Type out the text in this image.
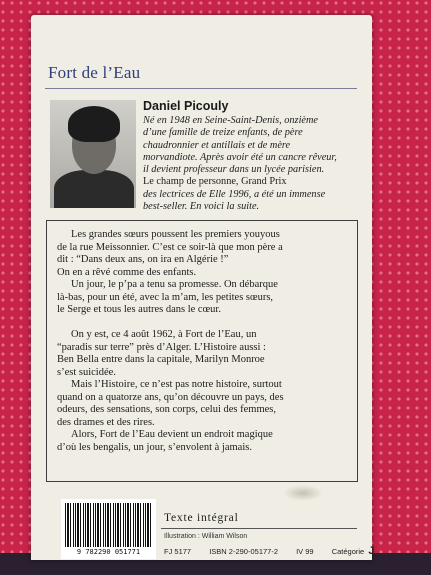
Fort de l’Eau
Daniel Picouly
Né en 1948 en Seine-Saint-Denis, onzième
d’une famille de treize enfants, de père
chaudronnier et antillais et de mère
morvandiote. Après avoir été un cancre rêveur,
il devient professeur dans un lycée parisien.
Le champ de personne, Grand Prix
des lectrices de Elle 1996, a été un immense
best-seller. En voici la suite.
Les grandes sœurs poussent les premiers youyous
de la rue Meissonnier. C’est ce soir-là que mon père a
dit : “Dans deux ans, on ira en Algérie !”
On en a rêvé comme des enfants.
Un jour, le p’pa a tenu sa promesse. On débarque
là-bas, pour un été, avec la m’am, les petites sœurs,
le Serge et tous les autres dans le cœur.
On y est, ce 4 août 1962, à Fort de l’Eau, un
“paradis sur terre” près d’Alger. L’Histoire aussi :
Ben Bella entre dans la capitale, Marilyn Monroe
s’est suicidée.
Mais l’Histoire, ce n’est pas notre histoire, surtout
quand on a quatorze ans, qu’on découvre un pays, des
odeurs, des sensations, son corps, celui des femmes,
des drames et des rires.
Alors, Fort de l’Eau devient un endroit magique
d’où les bengalis, un jour, s’envolent à jamais.
9 782290 051771
Texte intégral
Illustration : William Wilson
FJ 5177 ISBN 2-290-05177-2 IV 99 Catégorie J
